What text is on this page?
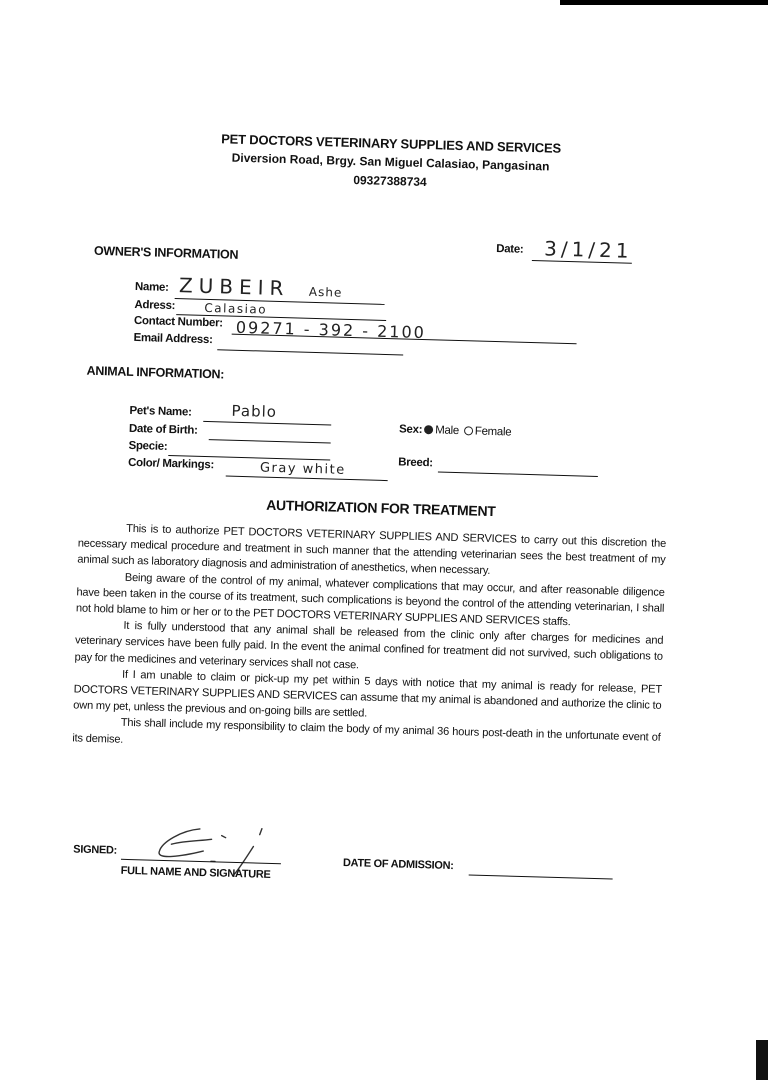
PET DOCTORS VETERINARY SUPPLIES AND SERVICES
Diversion Road, Brgy. San Miguel Calasiao, Pangasinan
09327388734
Date: 3/1/21
OWNER'S INFORMATION
Name: ZUBEIR Ashe
Adress: Calasiao
Contact Number: 09271 - 392 - 2100
Email Address:
ANIMAL INFORMATION:
Pet's Name:	Pablo
Date of Birth:
Specie:
Color/ Markings:	Gray white
Sex: Male Female
Breed:
AUTHORIZATION FOR TREATMENT

This is to authorize PET DOCTORS VETERINARY SUPPLIES AND SERVICES to carry out this discretion the necessary medical procedure and treatment in such manner that the attending veterinarian sees the best treatment of my animal such as laboratory diagnosis and administration of anesthetics, when necessary.

Being aware of the control of my animal, whatever complications that may occur, and after reasonable diligence have been taken in the course of its treatment, such complications is beyond the control of the attending veterinarian, I shall not hold blame to him or her or to the PET DOCTORS VETERINARY SUPPLIES AND SERVICES staffs.

It is fully understood that any animal shall be released from the clinic only after charges for medicines and veterinary services have been fully paid. In the event the animal confined for treatment did not survived, such obligations to pay for the medicines and veterinary services shall not case.

If I am unable to claim or pick-up my pet within 5 days with notice that my animal is ready for release, PET DOCTORS VETERINARY SUPPLIES AND SERVICES can assume that my animal is abandoned and authorize the clinic to own my pet, unless the previous and on-going bills are settled.

This shall include my responsibility to claim the body of my animal 36 hours post-death in the unfortunate event of its demise.

SIGNED:
FULL NAME AND SIGNATURE
DATE OF ADMISSION:
